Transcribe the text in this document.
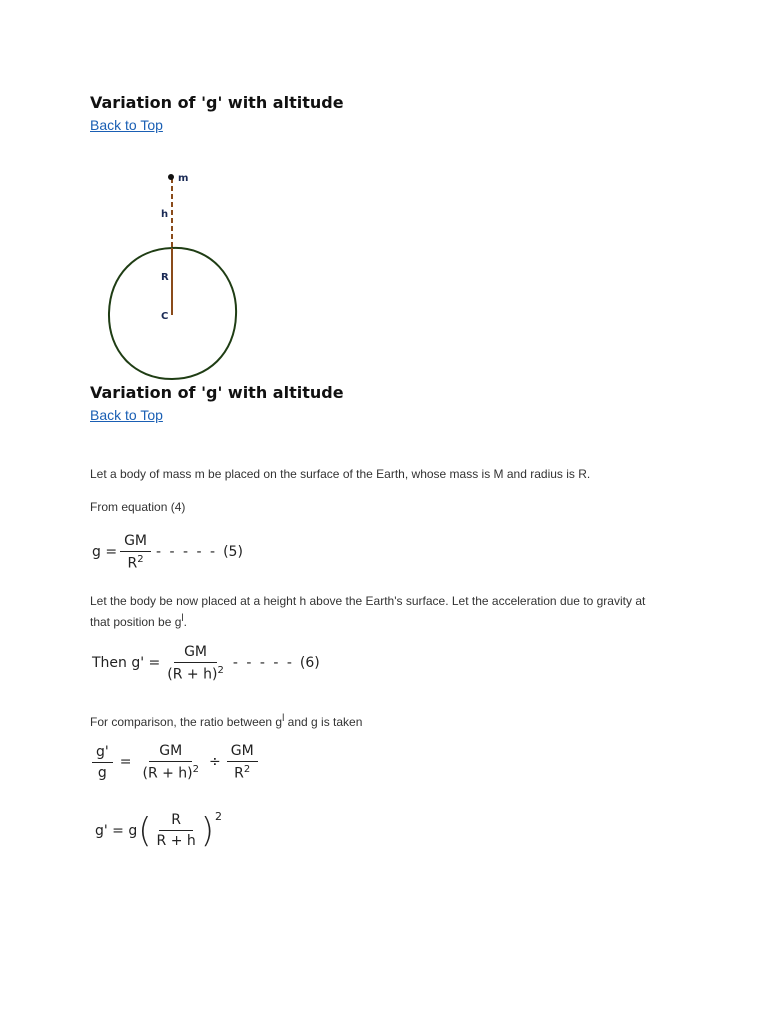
Variation of 'g' with altitude
Back to Top
m
h
R
C
Variation of 'g' with altitude
Back to Top
Let a body of mass m be placed on the surface of the Earth, whose mass is M and radius is R.
From equation (4)
$g = \frac{GM}{R^2}$ - - - - - (5)
Let the body be now placed at a height h above the Earth's surface. Let the acceleration due to gravity at
that position be $g^l$.
Then $g' = \frac{GM}{(R + h)^2}$ - - - - - (6)
For comparison, the ratio between $g^l$ and g is taken
$\frac{g'}{g} = \frac{GM}{(R + h)^2} \div \frac{GM}{R^2}$
g' = g ( $\frac{R}{R + h} )^2$
